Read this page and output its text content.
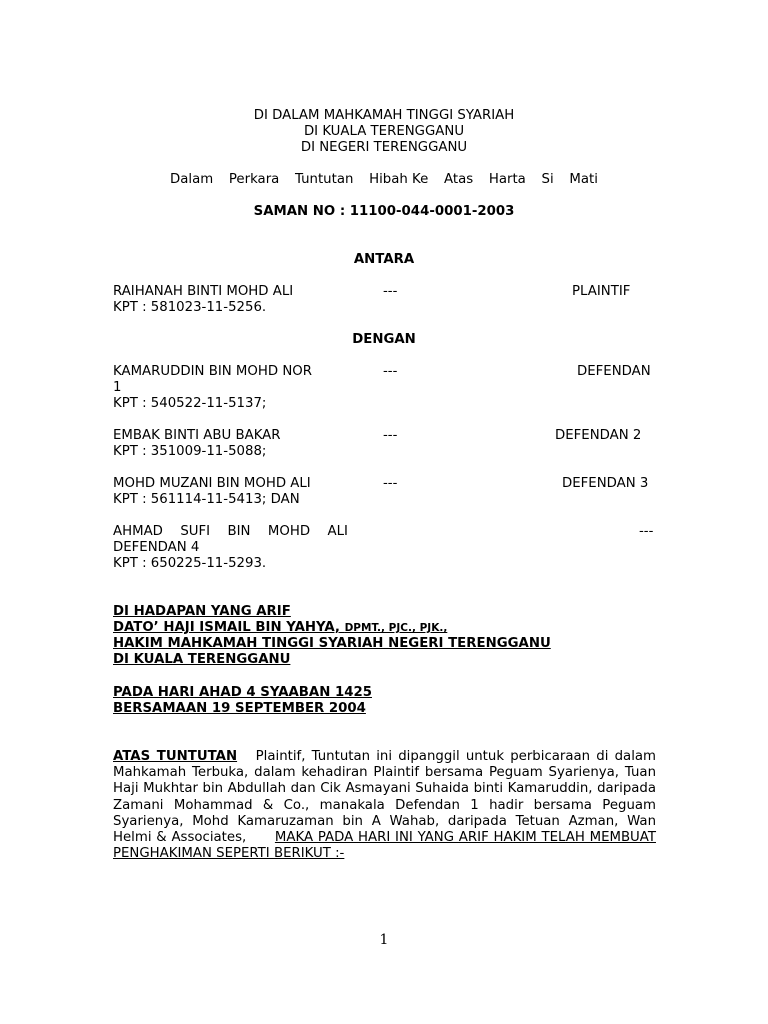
DI DALAM MAHKAMAH TINGGI SYARIAH
DI KUALA TERENGGANU
DI NEGERI TERENGGANU
Dalam Perkara Tuntutan Hibah Ke Atas Harta Si Mati
SAMAN NO : 11100-044-0001-2003
ANTARA
RAIHANAH BINTI MOHD ALI	---	PLAINTIF
KPT : 581023-11-5256.
DENGAN
KAMARUDDIN BIN MOHD NOR	---	DEFENDAN
1
KPT : 540522-11-5137;
EMBAK BINTI ABU BAKAR	---	DEFENDAN 2
KPT : 351009-11-5088;
MOHD MUZANI BIN MOHD ALI	---	DEFENDAN 3
KPT : 561114-11-5413; DAN
AHMAD SUFI BIN MOHD ALI	---
DEFENDAN 4
KPT : 650225-11-5293.
DI HADAPAN YANG ARIF
DATO’ HAJI ISMAIL BIN YAHYA, DPMT., PJC., PJK.,
HAKIM MAHKAMAH TINGGI SYARIAH NEGERI TERENGGANU
DI KUALA TERENGGANU
PADA HARI AHAD 4 SYAABAN 1425
BERSAMAAN 19 SEPTEMBER 2004
ATAS TUNTUTAN Plaintif, Tuntutan ini dipanggil untuk perbicaraan di dalam Mahkamah Terbuka, dalam kehadiran Plaintif bersama Peguam Syarienya, Tuan Haji Mukhtar bin Abdullah dan Cik Asmayani Suhaida binti Kamaruddin, daripada Zamani Mohammad & Co., manakala Defendan 1 hadir bersama Peguam Syarienya, Mohd Kamaruzaman bin A Wahab, daripada Tetuan Azman, Wan Helmi & Associates, MAKA PADA HARI INI YANG ARIF HAKIM TELAH MEMBUAT PENGHAKIMAN SEPERTI BERIKUT :-
1
